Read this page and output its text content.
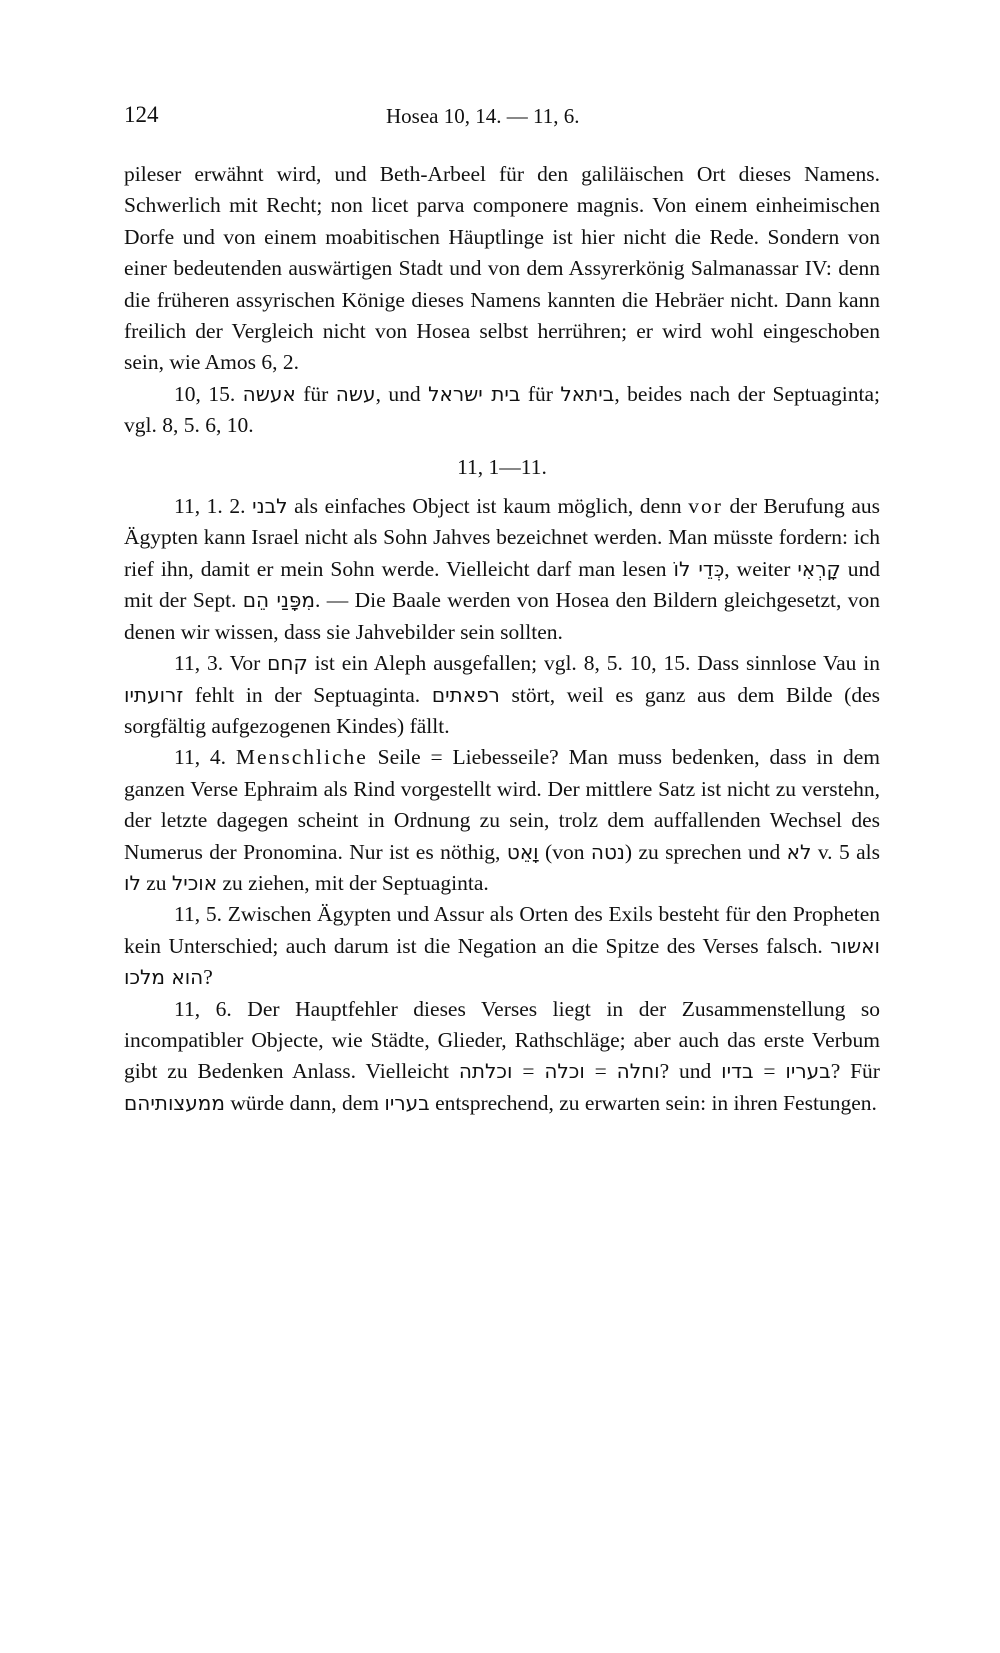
124	Hosea 10, 14. — 11, 6.

pileser erwähnt wird, und Beth-Arbeel für den galiläischen Ort dieses Namens. Schwerlich mit Recht; non licet parva componere magnis. Von einem einheimischen Dorfe und von einem moabitischen Häuptlinge ist hier nicht die Rede. Sondern von einer bedeutenden auswärtigen Stadt und von dem Assyrerkönig Salmanassar IV: denn die früheren assyrischen Könige dieses Namens kannten die Hebräer nicht. Dann kann freilich der Vergleich nicht von Hosea selbst herrühren; er wird wohl eingeschoben sein, wie Amos 6, 2.

10, 15. אעשה für עשה, und בית ישראל für ביתאל, beides nach der Septuaginta; vgl. 8, 5. 6, 10.

11, 1—11.

11, 1. 2. לבני als einfaches Object ist kaum möglich, denn vor der Berufung aus Ägypten kann Israel nicht als Sohn Jahves bezeichnet werden. Man müsste fordern: ich rief ihn, damit er mein Sohn werde. Vielleicht darf man lesen כְּדֵי לוֹ, weiter קָרְאִי und mit der Sept. מִפָּנַי הֵם. — Die Baale werden von Hosea den Bildern gleichgesetzt, von denen wir wissen, dass sie Jahvebilder sein sollten.

11, 3. Vor קחם ist ein Aleph ausgefallen; vgl. 8, 5. 10, 15. Dass sinnlose Vau in זרועתיו fehlt in der Septuaginta. רפאתים stört, weil es ganz aus dem Bilde (des sorgfältig aufgezogenen Kindes) fällt.

11, 4. Menschliche Seile = Liebesseile? Man muss bedenken, dass in dem ganzen Verse Ephraim als Rind vorgestellt wird. Der mittlere Satz ist nicht zu verstehn, der letzte dagegen scheint in Ordnung zu sein, trolz dem auffallenden Wechsel des Numerus der Pronomina. Nur ist es nöthig, וָאֵט (von נטה) zu sprechen und לא v. 5 als לו zu אוכיל zu ziehen, mit der Septuaginta.

11, 5. Zwischen Ägypten und Assur als Orten des Exils besteht für den Propheten kein Unterschied; auch darum ist die Negation an die Spitze des Verses falsch. ואשור הוא מלכו?

11, 6. Der Hauptfehler dieses Verses liegt in der Zusammenstellung so incompatibler Objecte, wie Städte, Glieder, Rathschläge; aber auch das erste Verbum gibt zu Bedenken Anlass. Vielleicht וכלתה = וכלה = וחלה? und בדיו = בעריו? Für ממעצותיהם würde dann, dem בעריו entsprechend, zu erwarten sein: in ihren Festungen.
